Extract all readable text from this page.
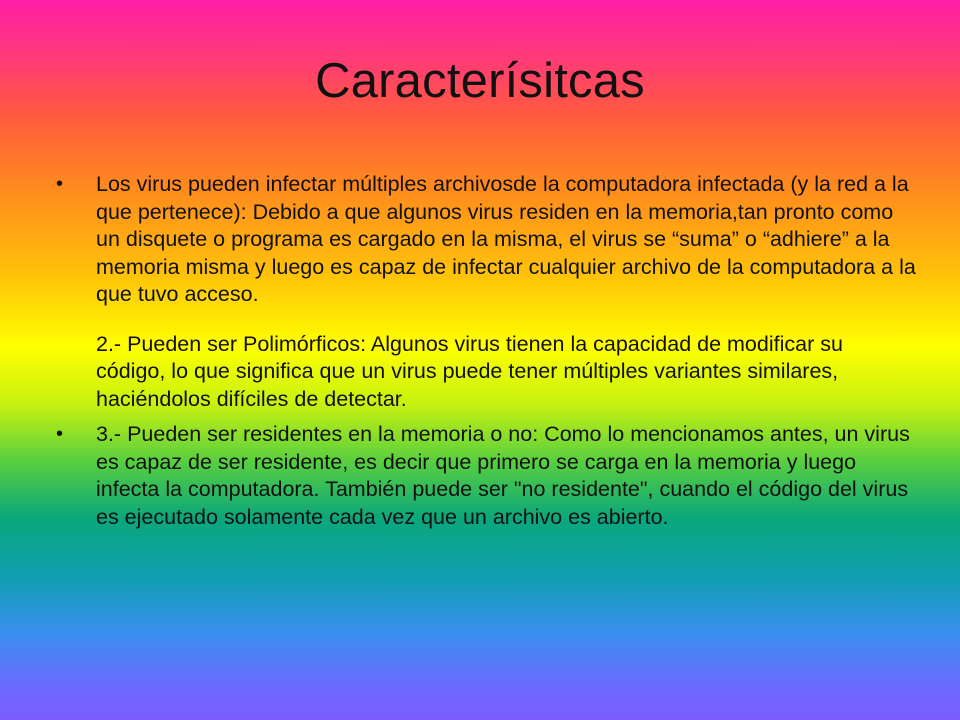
Caracterísitcas
•	Los virus pueden infectar múltiples archivosde la computadora infectada (y la red a la que pertenece): Debido a que algunos virus residen en la memoria,tan pronto como un disquete o programa es cargado en la misma, el virus se “suma” o “adhiere” a la memoria misma y luego es capaz de infectar cualquier archivo de la computadora a la que tuvo acceso.

2.- Pueden ser Polimórficos: Algunos virus tienen la capacidad de modificar su código, lo que significa que un virus puede tener múltiples variantes similares, haciéndolos difíciles de detectar.

•	3.- Pueden ser residentes en la memoria o no: Como lo mencionamos antes, un virus es capaz de ser residente, es decir que primero se carga en la memoria y luego infecta la computadora. También puede ser "no residente", cuando el código del virus es ejecutado solamente cada vez que un archivo es abierto.
